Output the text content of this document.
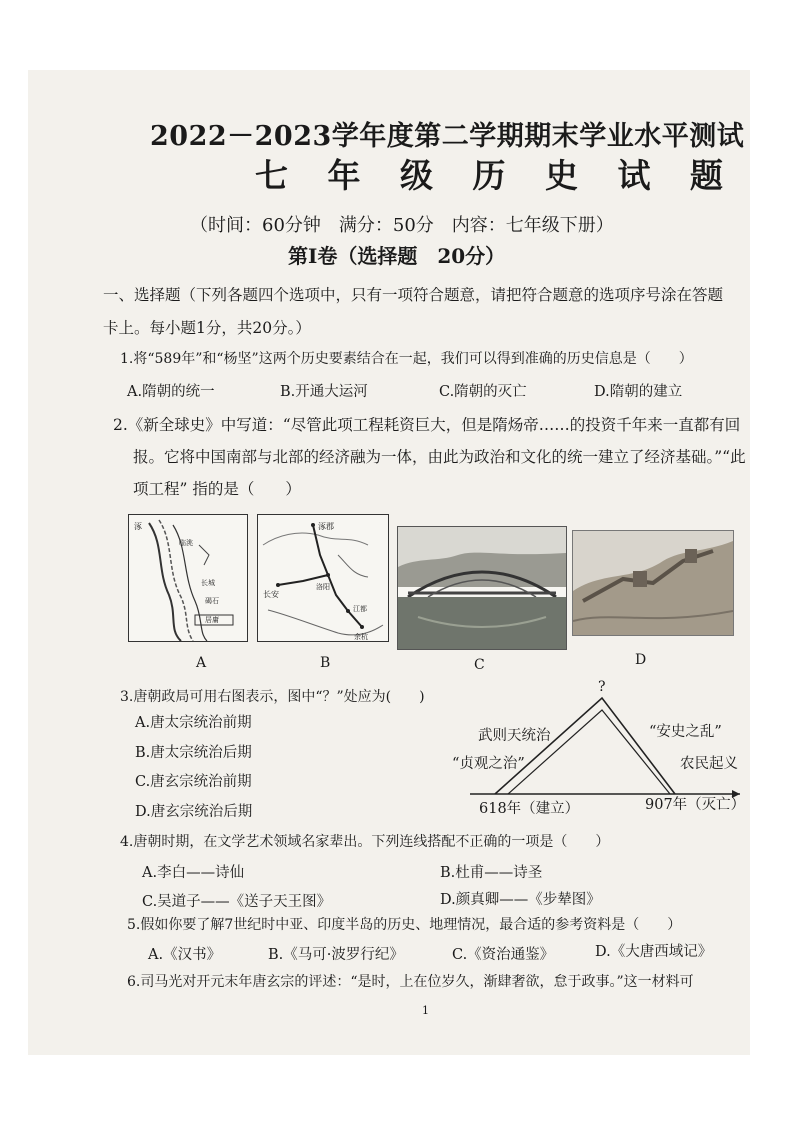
2022－2023学年度第二学期期末学业水平测试
七 年 级 历 史 试 题
（时间：60分钟　满分：50分　内容：七年级下册）
第Ⅰ卷（选择题　20分）
一、选择题（下列各题四个选项中，只有一项符合题意，请把符合题意的选项序号涂在答题
卡上。每小题1分，共20分。）
1.将“589年”和“杨坚”这两个历史要素结合在一起，我们可以得到准确的历史信息是（　　）
A.隋朝的统一	B.开通大运河	C.隋朝的灭亡	D.隋朝的建立
2.《新全球史》中写道：“尽管此项工程耗资巨大，但是隋炀帝……的投资千年来一直都有回
报。它将中国南部与北部的经济融为一体，由此为政治和文化的统一建立了经济基础。”“此
项工程” 指的是（　　）
涿
临洮
长城
碣石
居庸
涿郡
长安
洛阳
江都
余杭
A	B	C	D
3.唐朝政局可用右图表示，图中“？”处应为(　　)
A.唐太宗统治前期
B.唐太宗统治后期
C.唐玄宗统治前期
D.唐玄宗统治后期
?
武则天统治	“安史之乱”
“贞观之治”	农民起义
618年（建立）	907年（灭亡）
4.唐朝时期，在文学艺术领域名家辈出。下列连线搭配不正确的一项是（　　）
A.李白——诗仙	B.杜甫——诗圣
C.吴道子——《送子天王图》	D.颜真卿——《步辇图》
5.假如你要了解7世纪时中亚、印度半岛的历史、地理情况，最合适的参考资料是（　　）
A.《汉书》	B.《马可·波罗行纪》	C.《资治通鉴》	D.《大唐西域记》
6.司马光对开元末年唐玄宗的评述：“是时，上在位岁久，渐肆奢欲，怠于政事。”这一材料可
1
